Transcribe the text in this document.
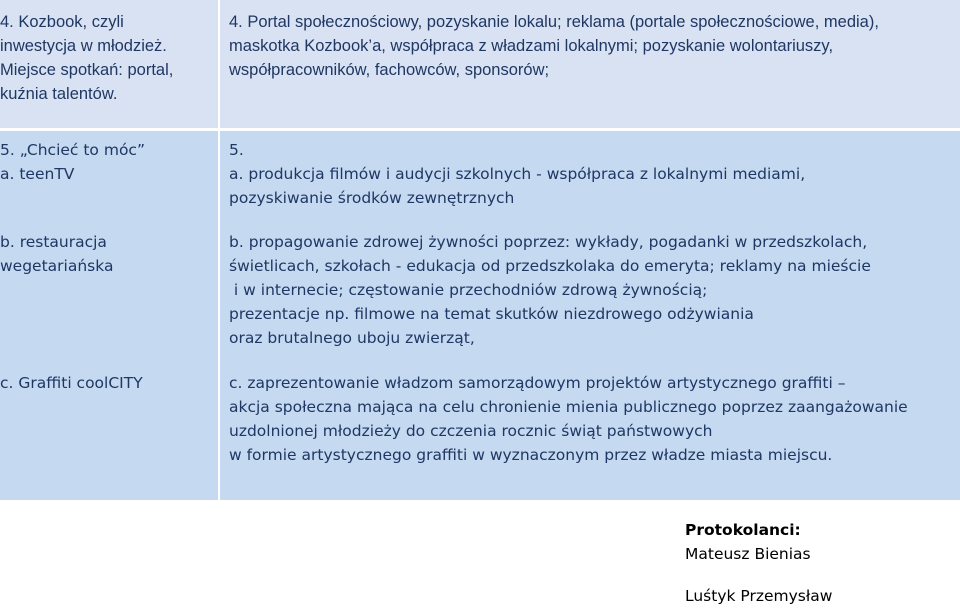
4. Kozbook, czyli

inwestycja w młodzież.

Miejsce spotkań: portal,

kuźnia talentów.

4. Portal społecznościowy, pozyskanie lokalu; reklama (portale społecznościowe, media),

maskotka Kozbook’a, współpraca z władzami lokalnymi; pozyskanie wolontariuszy,

współpracowników, fachowców, sponsorów;

5. „Chcieć to móc”

a. teenTV

b. restauracja

wegetariańska

c. Graffiti coolCITY

5.

a. produkcja filmów i audycji szkolnych - współpraca z lokalnymi mediami,

pozyskiwanie środków zewnętrznych

b. propagowanie zdrowej żywności poprzez: wykłady, pogadanki w przedszkolach,

świetlicach, szkołach - edukacja od przedszkolaka do emeryta; reklamy na mieście

i w internecie; częstowanie przechodniów zdrową żywnością;

prezentacje np. filmowe na temat skutków niezdrowego odżywiania

oraz brutalnego uboju zwierząt,

c. zaprezentowanie władzom samorządowym projektów artystycznego graffiti –

akcja społeczna mająca na celu chronienie mienia publicznego poprzez zaangażowanie

uzdolnionej młodzieży do czczenia rocznic świąt państwowych

w formie artystycznego graffiti w wyznaczonym przez władze miasta miejscu.

Protokolanci:

Mateusz Bienias

Luśtyk Przemysław
